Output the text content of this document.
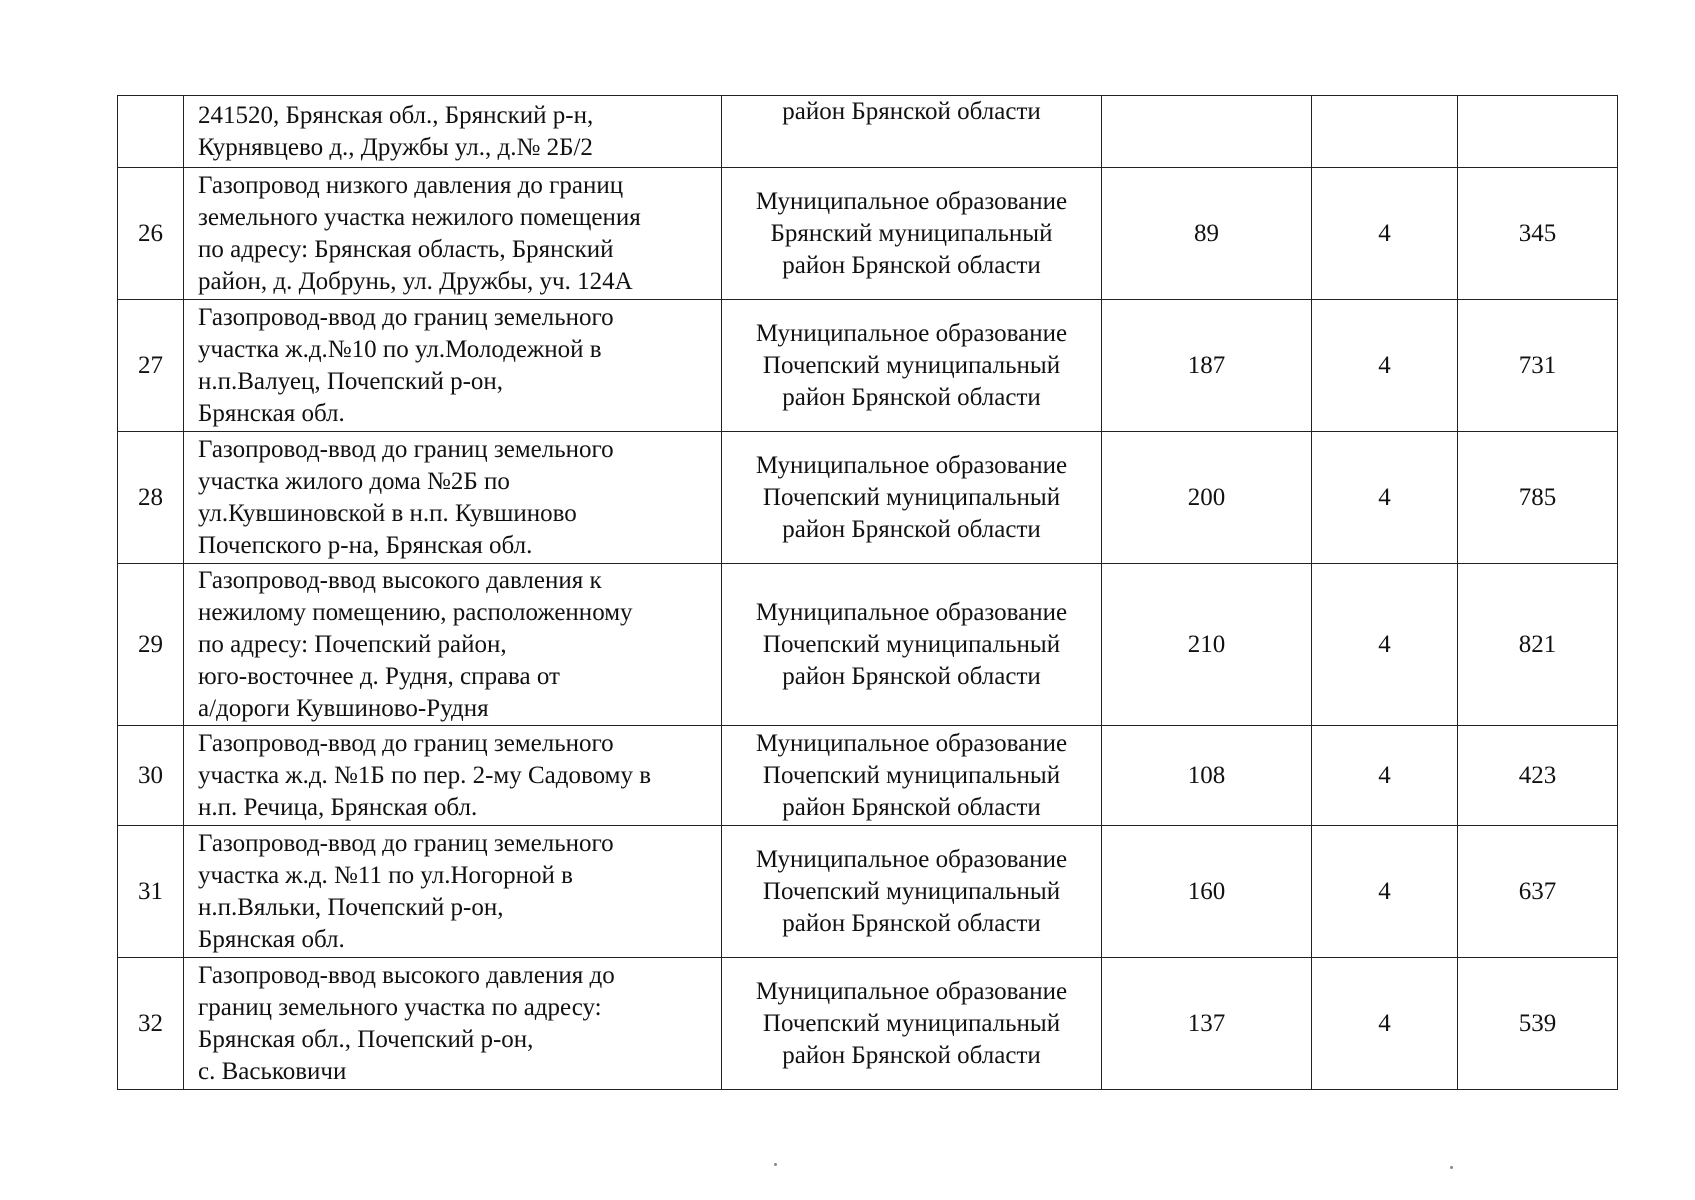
	241520, Брянская обл., Брянский р-н,
Курнявцево д., Дружбы ул., д.№ 2Б/2	район Брянской области			

26	Газопровод низкого давления до границ
земельного участка нежилого помещения
по адресу: Брянская область, Брянский
район, д. Добрунь, ул. Дружбы, уч. 124А	Муниципальное образование
Брянский муниципальный
район Брянской области	89	4	345
27	Газопровод-ввод до границ земельного
участка ж.д.№10 по ул.Молодежной в
н.п.Валуец, Почепский р-он,
Брянская обл.	Муниципальное образование
Почепский муниципальный
район Брянской области	187	4	731
28	Газопровод-ввод до границ земельного
участка жилого дома №2Б по
ул.Кувшиновской в н.п. Кувшиново
Почепского р-на, Брянская обл.	Муниципальное образование
Почепский муниципальный
район Брянской области	200	4	785
29	Газопровод-ввод высокого давления к
нежилому помещению, расположенному
по адресу: Почепский район,
юго-восточнее д. Рудня, справа от
а/дороги Кувшиново-Рудня	Муниципальное образование
Почепский муниципальный
район Брянской области	210	4	821
30	Газопровод-ввод до границ земельного
участка ж.д. №1Б по пер. 2-му Садовому в
н.п. Речица, Брянская обл.	Муниципальное образование
Почепский муниципальный
район Брянской области	108	4	423
31	Газопровод-ввод до границ земельного
участка ж.д. №11 по ул.Ногорной в
н.п.Вяльки, Почепский р-он,
Брянская обл.	Муниципальное образование
Почепский муниципальный
район Брянской области	160	4	637
32	Газопровод-ввод высокого давления до
границ земельного участка по адресу:
Брянская обл., Почепский р-он,
с. Васьковичи	Муниципальное образование
Почепский муниципальный
район Брянской области	137	4	539
